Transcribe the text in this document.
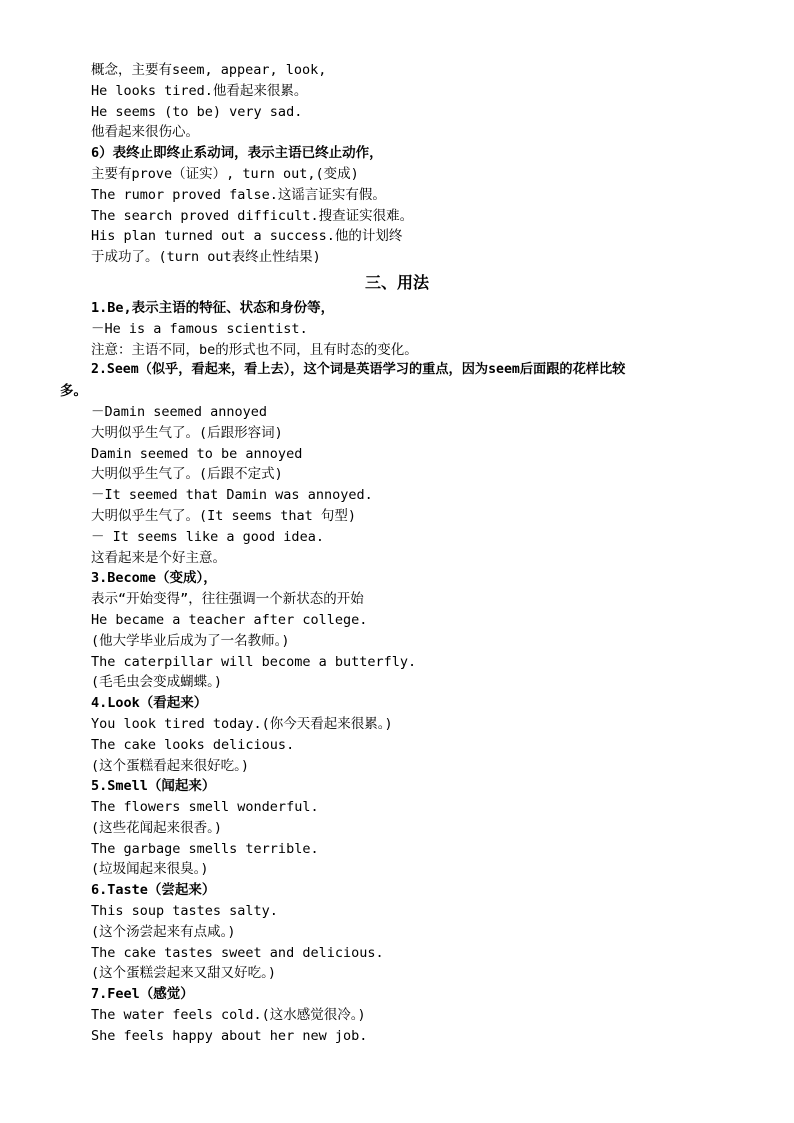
概念，主要有seem, appear, look,
He looks tired.他看起来很累。
He seems (to be) very sad.
他看起来很伤心。
6）表终止即终止系动词，表示主语已终止动作，
主要有prove（证实）, turn out,(变成)
The rumor proved false.这谣言证实有假。
The search proved difficult.搜查证实很难。
His plan turned out a success.他的计划终
于成功了。(turn out表终止性结果)
三、用法
1.Be,表示主语的特征、状态和身份等，
－He is a famous scientist.
注意：主语不同，be的形式也不同，且有时态的变化。
2.Seem（似乎，看起来，看上去），这个词是英语学习的重点，因为seem后面跟的花样比较
多。
－Damin seemed annoyed
大明似乎生气了。(后跟形容词)
Damin seemed to be annoyed
大明似乎生气了。(后跟不定式)
－It seemed that Damin was annoyed.
大明似乎生气了。(It seems that 句型)
－ It seems like a good idea.
这看起来是个好主意。
3.Become（变成），
表示“开始变得”，往往强调一个新状态的开始
He became a teacher after college.
(他大学毕业后成为了一名教师。)
The caterpillar will become a butterfly.
(毛毛虫会变成蝴蝶。)
4.Look（看起来）
You look tired today.(你今天看起来很累。)
The cake looks delicious.
(这个蛋糕看起来很好吃。)
5.Smell（闻起来）
The flowers smell wonderful.
(这些花闻起来很香。)
The garbage smells terrible.
(垃圾闻起来很臭。)
6.Taste（尝起来）
This soup tastes salty.
(这个汤尝起来有点咸。)
The cake tastes sweet and delicious.
(这个蛋糕尝起来又甜又好吃。)
7.Feel（感觉）
The water feels cold.(这水感觉很冷。)
She feels happy about her new job.
